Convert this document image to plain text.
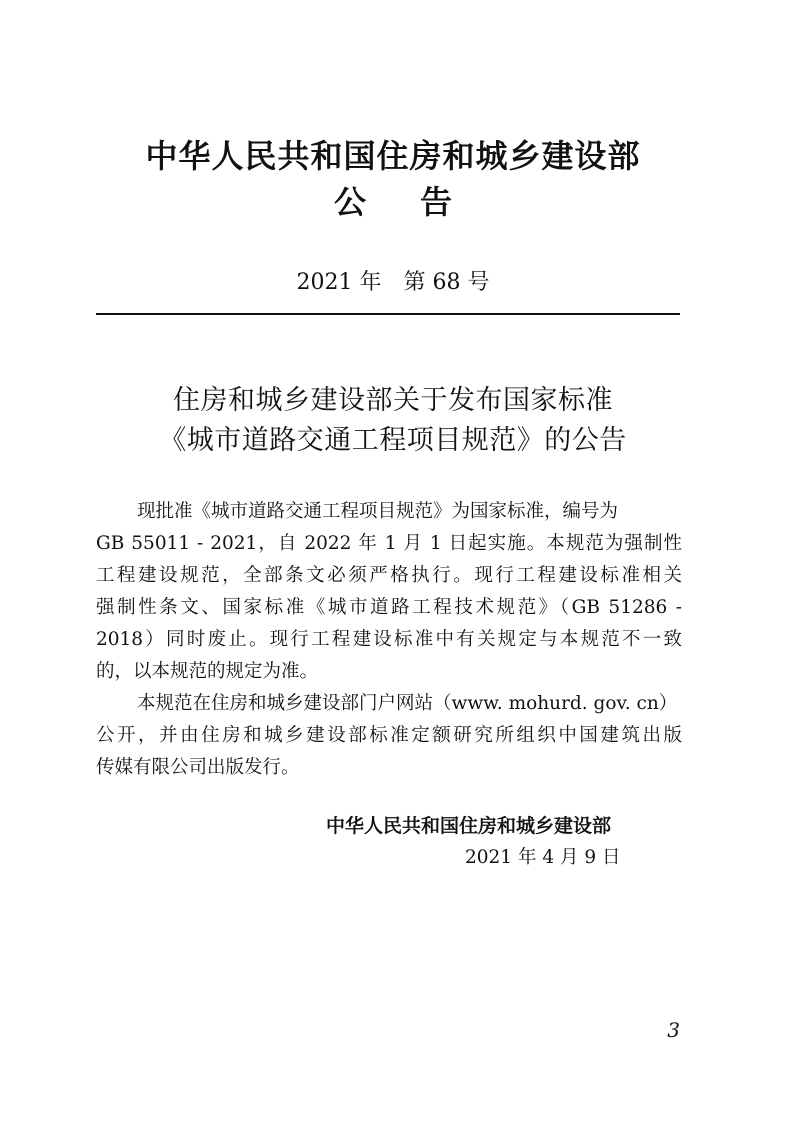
中华人民共和国住房和城乡建设部
公 告
2021 年　第 68 号
住房和城乡建设部关于发布国家标准
《城市道路交通工程项目规范》的公告
现批准《城市道路交通工程项目规范》为国家标准，编号为
GB 55011 - 2021，自 2022 年 1 月 1 日起实施。本规范为强制性
工程建设规范，全部条文必须严格执行。现行工程建设标准相关
强制性条文、国家标准《城市道路工程技术规范》（GB 51286 -
2018）同时废止。现行工程建设标准中有关规定与本规范不一致
的，以本规范的规定为准。
本规范在住房和城乡建设部门户网站（www. mohurd. gov. cn）
公开，并由住房和城乡建设部标准定额研究所组织中国建筑出版
传媒有限公司出版发行。
中华人民共和国住房和城乡建设部
2021 年 4 月 9 日
3
